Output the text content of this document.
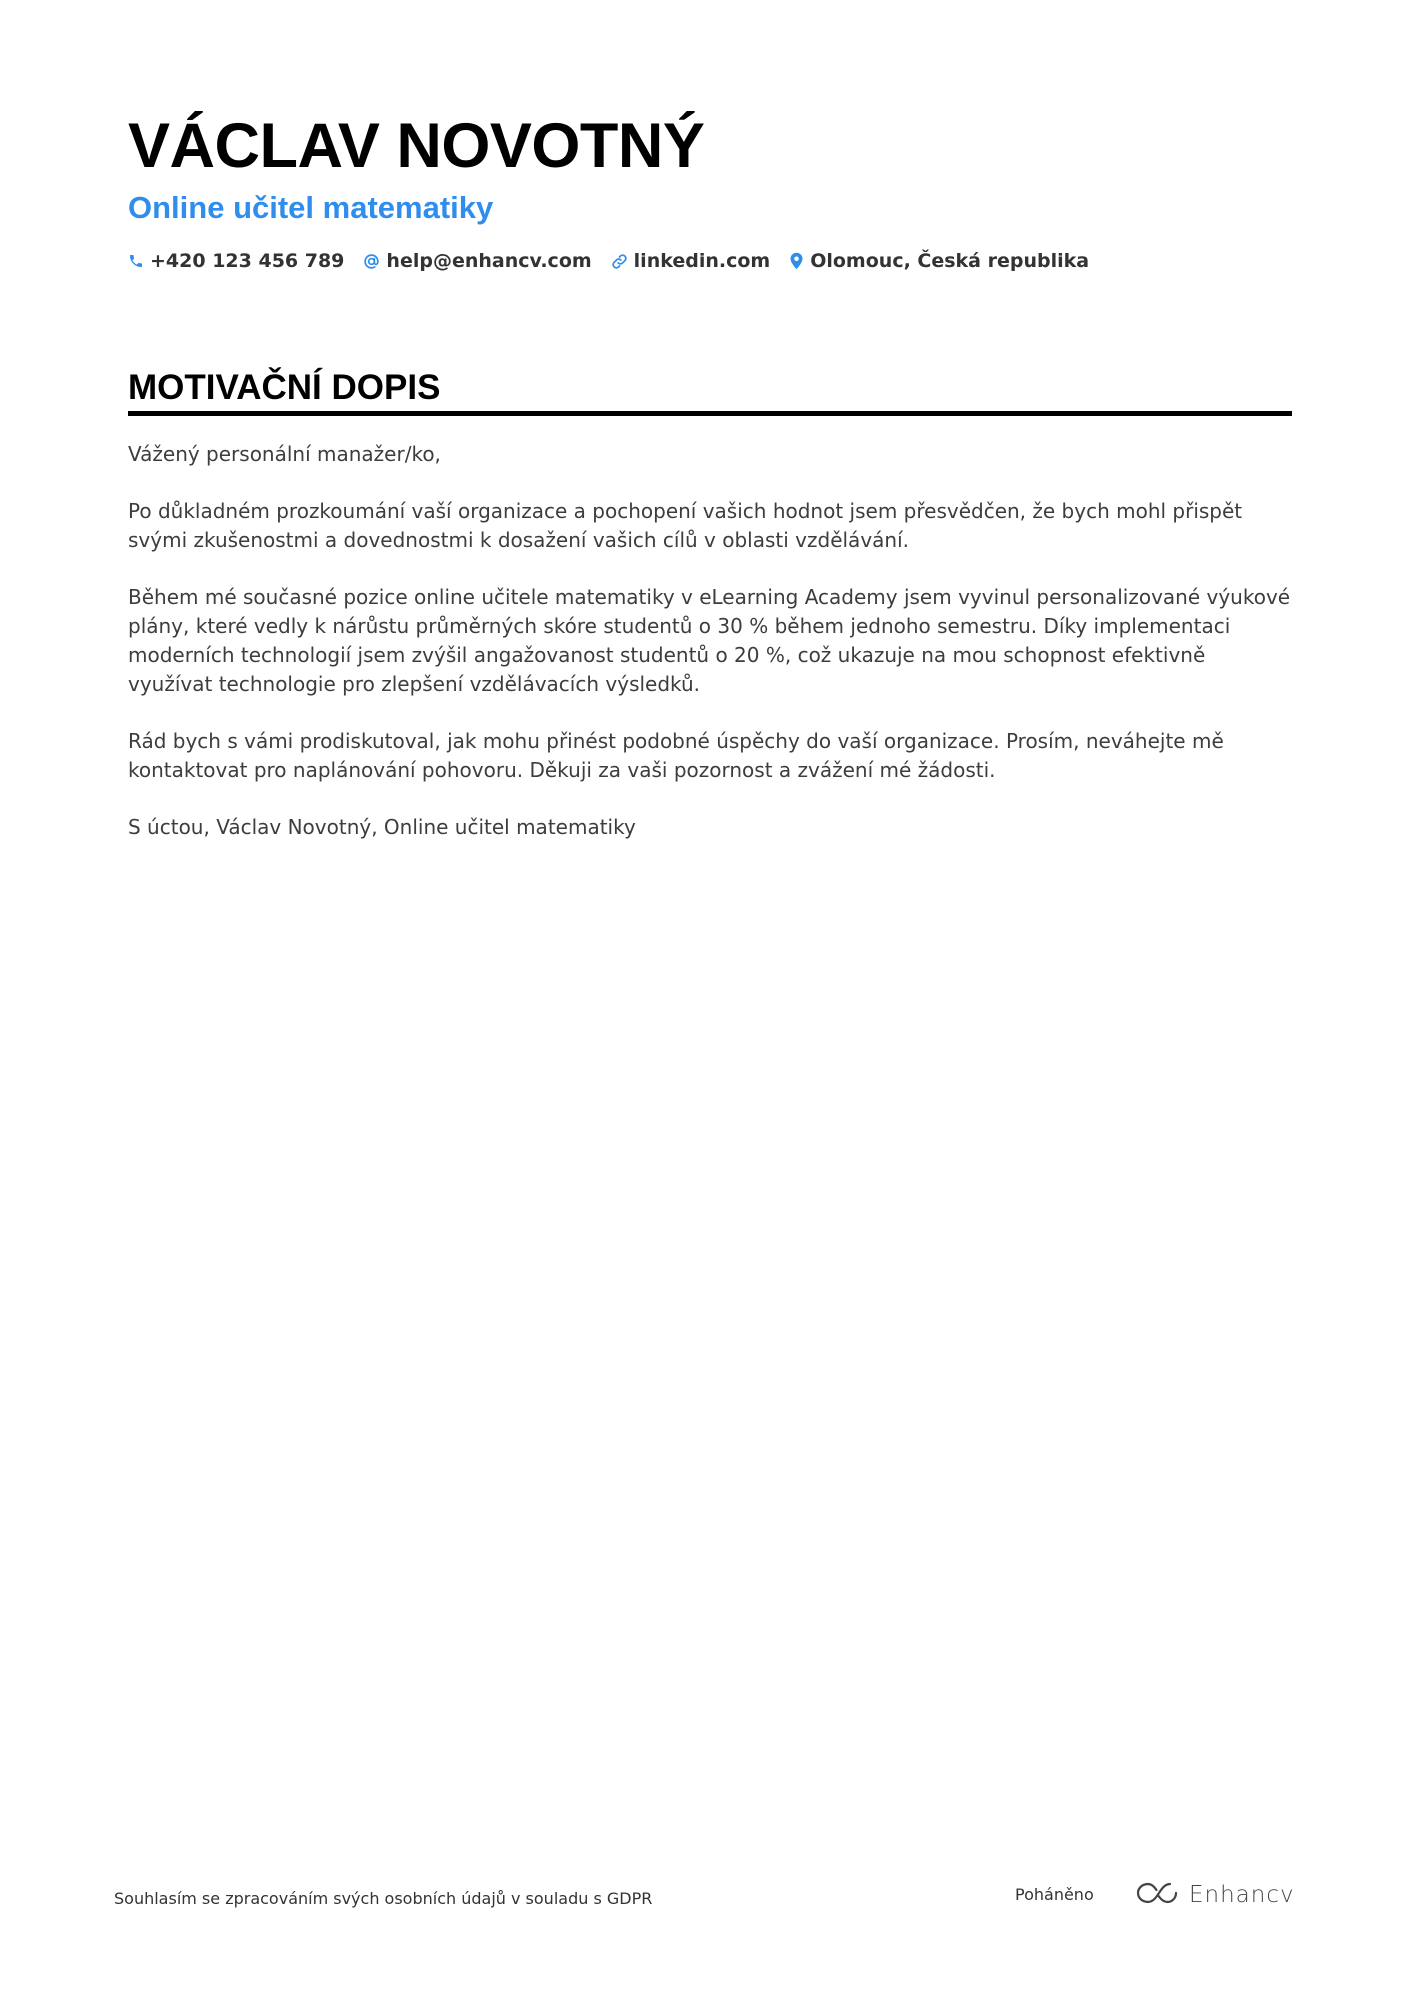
VÁCLAV NOVOTNÝ
Online učitel matematiky
+420 123 456 789 help@enhancv.com linkedin.com Olomouc, Česká republika
MOTIVAČNÍ DOPIS

Vážený personální manažer/ko,

Po důkladném prozkoumání vaší organizace a pochopení vašich hodnot jsem přesvědčen, že bych mohl přispět svými zkušenostmi a dovednostmi k dosažení vašich cílů v oblasti vzdělávání.

Během mé současné pozice online učitele matematiky v eLearning Academy jsem vyvinul personalizované výukové plány, které vedly k nárůstu průměrných skóre studentů o 30 % během jednoho semestru. Díky implementaci moderních technologií jsem zvýšil angažovanost studentů o 20 %, což ukazuje na mou schopnost efektivně využívat technologie pro zlepšení vzdělávacích výsledků.

Rád bych s vámi prodiskutoval, jak mohu přinést podobné úspěchy do vaší organizace. Prosím, neváhejte mě kontaktovat pro naplánování pohovoru. Děkuji za vaši pozornost a zvážení mé žádosti.

S úctou, Václav Novotný, Online učitel matematiky

Souhlasím se zpracováním svých osobních údajů v souladu s GDPR	Poháněno	Enhancv
